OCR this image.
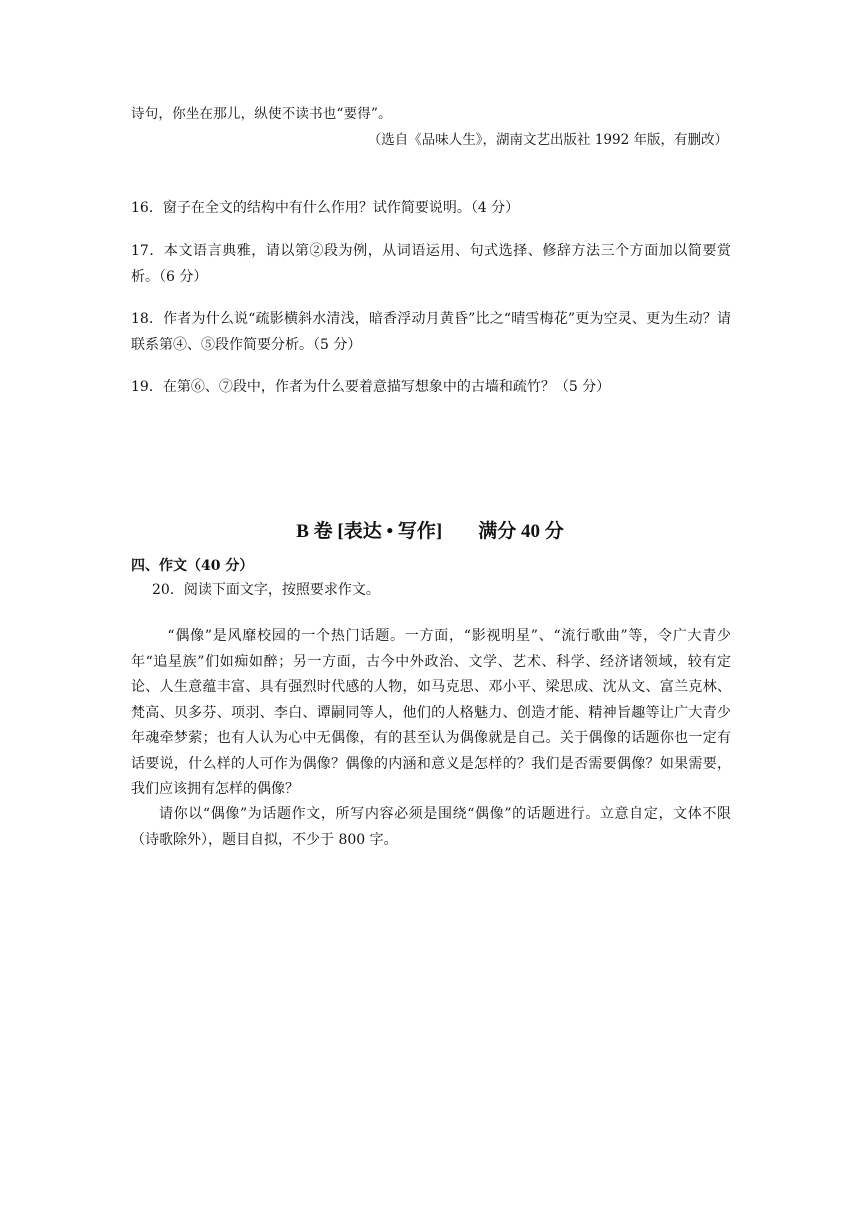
诗句，你坐在那儿，纵使不读书也“要得”。
（选自《品味人生》，湖南文艺出版社 1992 年版，有删改）
16．窗子在全文的结构中有什么作用？试作简要说明。（4 分）
17．本文语言典雅，请以第②段为例，从词语运用、句式选择、修辞方法三个方面加以简要赏析。（6 分）
18．作者为什么说“疏影横斜水清浅，暗香浮动月黄昏”比之“晴雪梅花”更为空灵、更为生动？请联系第④、⑤段作简要分析。（5 分）
19．在第⑥、⑦段中，作者为什么要着意描写想象中的古墙和疏竹？（5 分）
B 卷 [表达 • 写作] 满分 40 分
四、作文（40 分）
20．阅读下面文字，按照要求作文。
“偶像”是风靡校园的一个热门话题。一方面，“影视明星”、“流行歌曲”等，令广大青少年“追星族”们如痴如醉；另一方面，古今中外政治、文学、艺术、科学、经济诸领域，较有定论、人生意蕴丰富、具有强烈时代感的人物，如马克思、邓小平、梁思成、沈从文、富兰克林、梵高、贝多芬、项羽、李白、谭嗣同等人，他们的人格魅力、创造才能、精神旨趣等让广大青少年魂牵梦萦；也有人认为心中无偶像，有的甚至认为偶像就是自己。关于偶像的话题你也一定有话要说，什么样的人可作为偶像？偶像的内涵和意义是怎样的？我们是否需要偶像？如果需要，我们应该拥有怎样的偶像？
请你以“偶像”为话题作文，所写内容必须是围绕“偶像”的话题进行。立意自定，文体不限（诗歌除外），题目自拟，不少于 800 字。
